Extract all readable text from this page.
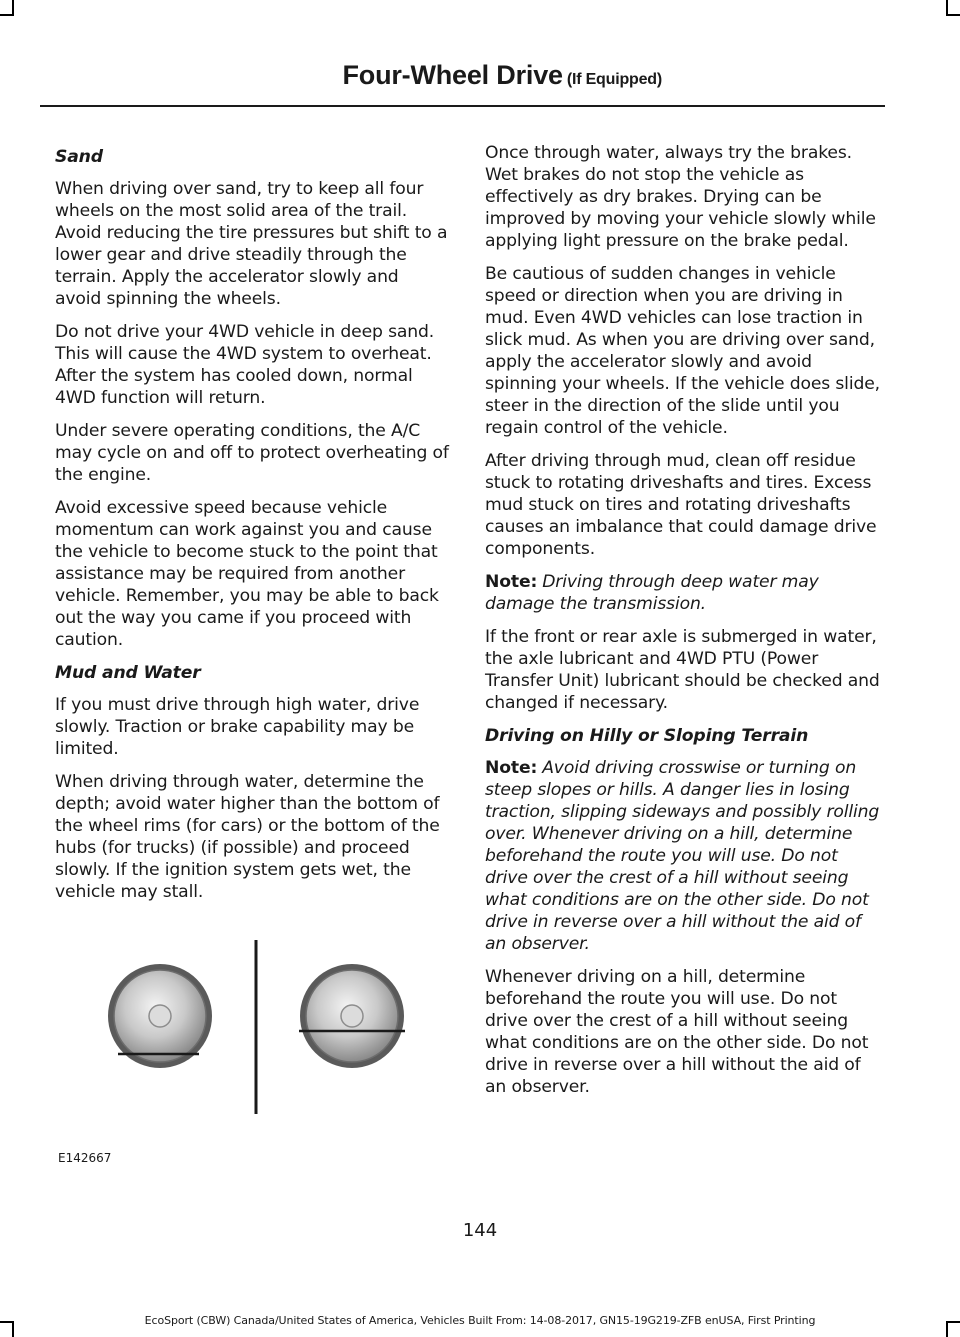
Four-Wheel Drive (If Equipped)
Sand

When driving over sand, try to keep all four wheels on the most solid area of the trail. Avoid reducing the tire pressures but shift to a lower gear and drive steadily through the terrain. Apply the accelerator slowly and avoid spinning the wheels.

Do not drive your 4WD vehicle in deep sand. This will cause the 4WD system to overheat. After the system has cooled down, normal 4WD function will return.

Under severe operating conditions, the A/C may cycle on and off to protect overheating of the engine.

Avoid excessive speed because vehicle momentum can work against you and cause the vehicle to become stuck to the point that assistance may be required from another vehicle. Remember, you may be able to back out the way you came if you proceed with caution.

Mud and Water

If you must drive through high water, drive slowly. Traction or brake capability may be limited.

When driving through water, determine the depth; avoid water higher than the bottom of the wheel rims (for cars) or the bottom of the hubs (for trucks) (if possible) and proceed slowly. If the ignition system gets wet, the vehicle may stall.

E142667

Once through water, always try the brakes. Wet brakes do not stop the vehicle as effectively as dry brakes. Drying can be improved by moving your vehicle slowly while applying light pressure on the brake pedal.

Be cautious of sudden changes in vehicle speed or direction when you are driving in mud. Even 4WD vehicles can lose traction in slick mud. As when you are driving over sand, apply the accelerator slowly and avoid spinning your wheels. If the vehicle does slide, steer in the direction of the slide until you regain control of the vehicle.

After driving through mud, clean off residue stuck to rotating driveshafts and tires. Excess mud stuck on tires and rotating driveshafts causes an imbalance that could damage drive components.

Note: Driving through deep water may damage the transmission.

If the front or rear axle is submerged in water, the axle lubricant and 4WD PTU (Power Transfer Unit) lubricant should be checked and changed if necessary.

Driving on Hilly or Sloping Terrain

Note: Avoid driving crosswise or turning on steep slopes or hills. A danger lies in losing traction, slipping sideways and possibly rolling over. Whenever driving on a hill, determine beforehand the route you will use. Do not drive over the crest of a hill without seeing what conditions are on the other side. Do not drive in reverse over a hill without the aid of an observer.

Whenever driving on a hill, determine beforehand the route you will use. Do not drive over the crest of a hill without seeing what conditions are on the other side. Do not drive in reverse over a hill without the aid of an observer.

144
EcoSport (CBW) Canada/United States of America, Vehicles Built From: 14-08-2017, GN15-19G219-ZFB enUSA, First Printing
